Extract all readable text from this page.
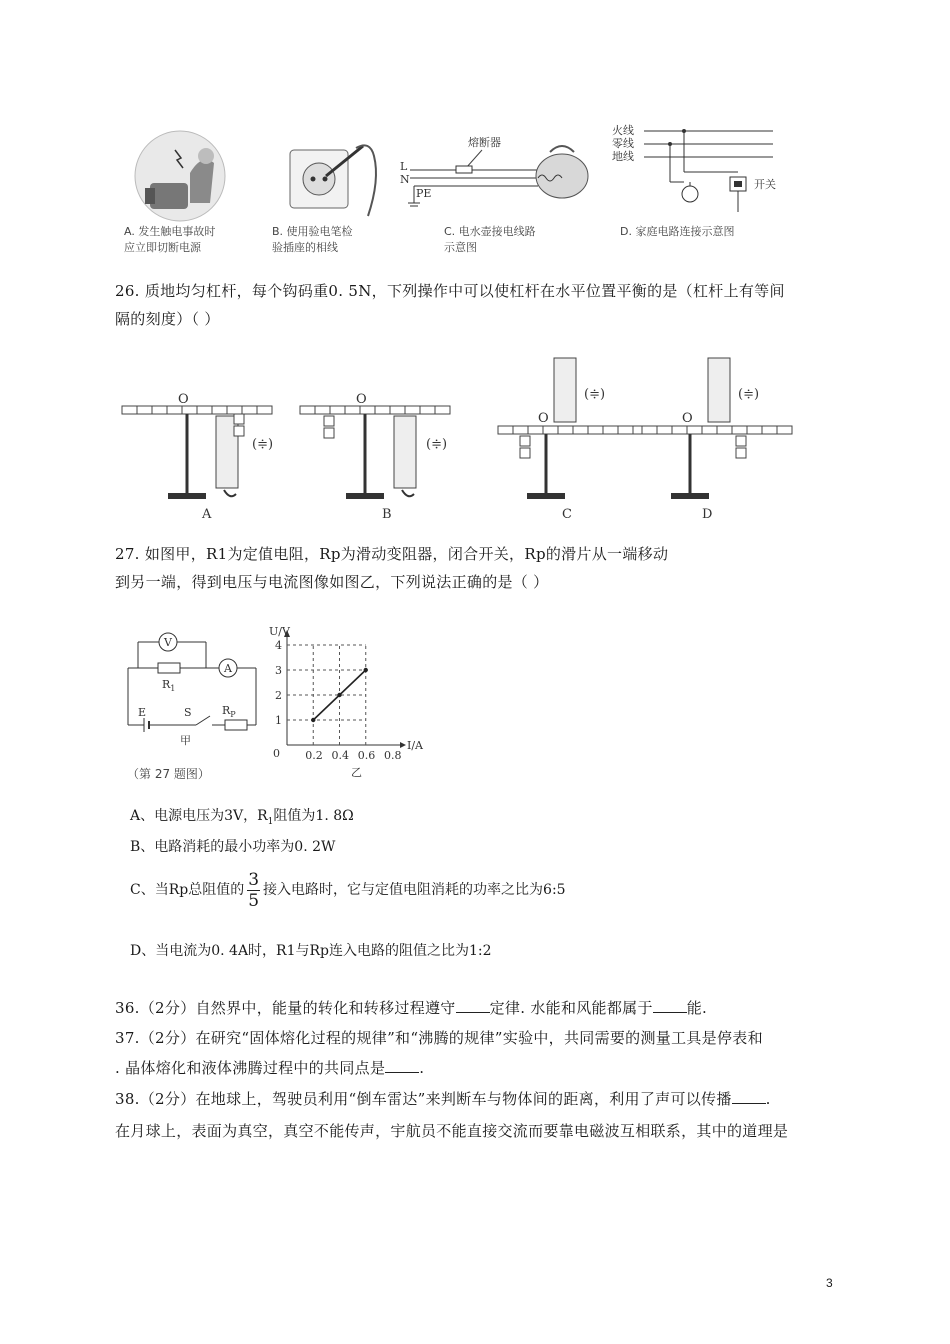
A. 发生触电事故时
应立即切断电源
B. 使用验电笔检
验插座的相线
熔断器
L
N
PE
C. 电水壶接电线路
示意图
火线
零线
地线
开关
D. 家庭电路连接示意图
26. 质地均匀杠杆，每个钩码重0. 5N，下列操作中可以使杠杆在水平位置平衡的是（杠杆上有等间
隔的刻度）（ ）
O
(≑)
A
O
(≑)
B
O
(≑)
C
O
(≑)
D
27. 如图甲，R1为定值电阻，Rp为滑动变阻器，闭合开关，Rp的滑片从一端移动
到另一端，得到电压与电流图像如图乙，下列说法正确的是（ ）
V
$R_1$
A
E	S	$R_P$
甲
（第 27 题图）
U/V
I/A
0 0.2 0.4 0.6 0.8
1
2
3
4
乙
A、电源电压为3V，$R_1$阻值为1. 8Ω
B、电路消耗的最小功率为0. 2W
C、当Rp总阻值的 $\frac{3}{5}$ 接入电路时，它与定值电阻消耗的功率之比为6:5
D、当电流为0. 4A时，R1与Rp连入电路的阻值之比为1:2
36.（2分）自然界中，能量的转化和转移过程遵守 定律. 水能和风能都属于 能.
37.（2分）在研究“固体熔化过程的规律”和“沸腾的规律”实验中，共同需要的测量工具是停表和
. 晶体熔化和液体沸腾过程中的共同点是 .
38.（2分）在地球上，驾驶员利用“倒车雷达”来判断车与物体间的距离，利用了声可以传播 .
在月球上，表面为真空，真空不能传声，宇航员不能直接交流而要靠电磁波互相联系，其中的道理是
3
